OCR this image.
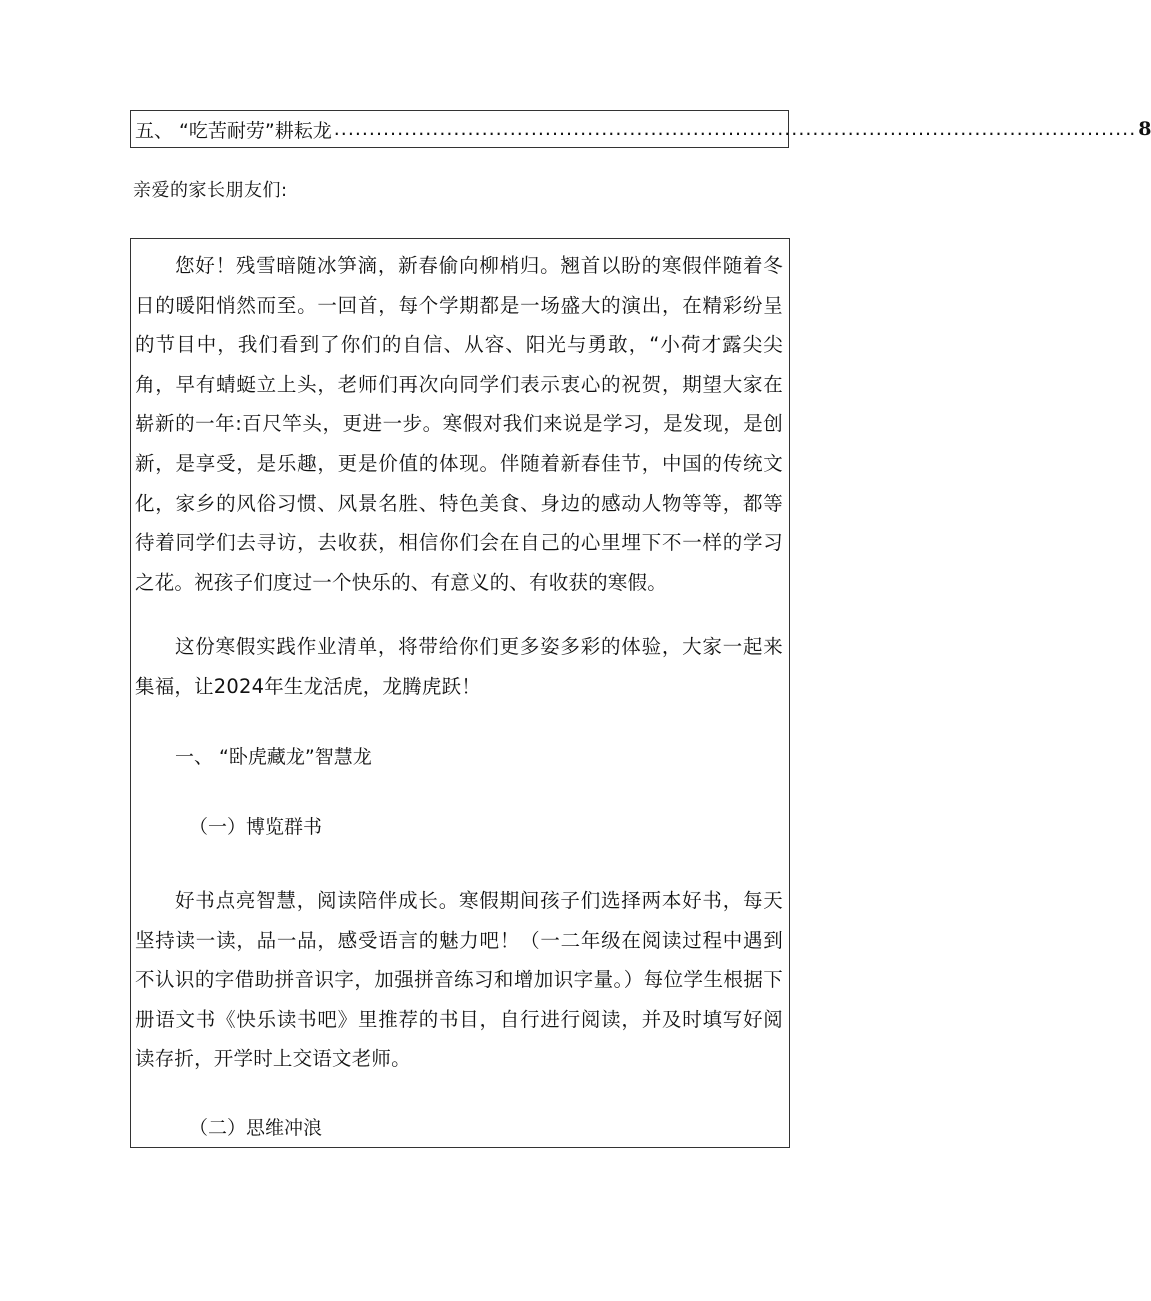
五、 “吃苦耐劳”耕耘龙 .................................................................................................................. 8
亲爱的家长朋友们:

您好！残雪暗随冰笋滴，新春偷向柳梢归。翘首以盼的寒假伴随着冬日的暖阳悄然而至。一回首，每个学期都是一场盛大的演出，在精彩纷呈的节目中，我们看到了你们的自信、从容、阳光与勇敢，“小荷才露尖尖角，早有蜻蜓立上头，老师们再次向同学们表示衷心的祝贺，期望大家在崭新的一年:百尺竿头，更进一步。寒假对我们来说是学习，是发现，是创新，是享受，是乐趣，更是价值的体现。伴随着新春佳节，中国的传统文化，家乡的风俗习惯、风景名胜、特色美食、身边的感动人物等等，都等待着同学们去寻访，去收获，相信你们会在自己的心里埋下不一样的学习之花。祝孩子们度过一个快乐的、有意义的、有收获的寒假。

这份寒假实践作业清单，将带给你们更多姿多彩的体验，大家一起来集福，让2024年生龙活虎，龙腾虎跃！

一、 “卧虎藏龙”智慧龙

（一）博览群书

好书点亮智慧，阅读陪伴成长。寒假期间孩子们选择两本好书，每天坚持读一读，品一品，感受语言的魅力吧！（一二年级在阅读过程中遇到不认识的字借助拼音识字，加强拼音练习和增加识字量。）每位学生根据下册语文书《快乐读书吧》里推荐的书目，自行进行阅读，并及时填写好阅读存折，开学时上交语文老师。

（二）思维冲浪
